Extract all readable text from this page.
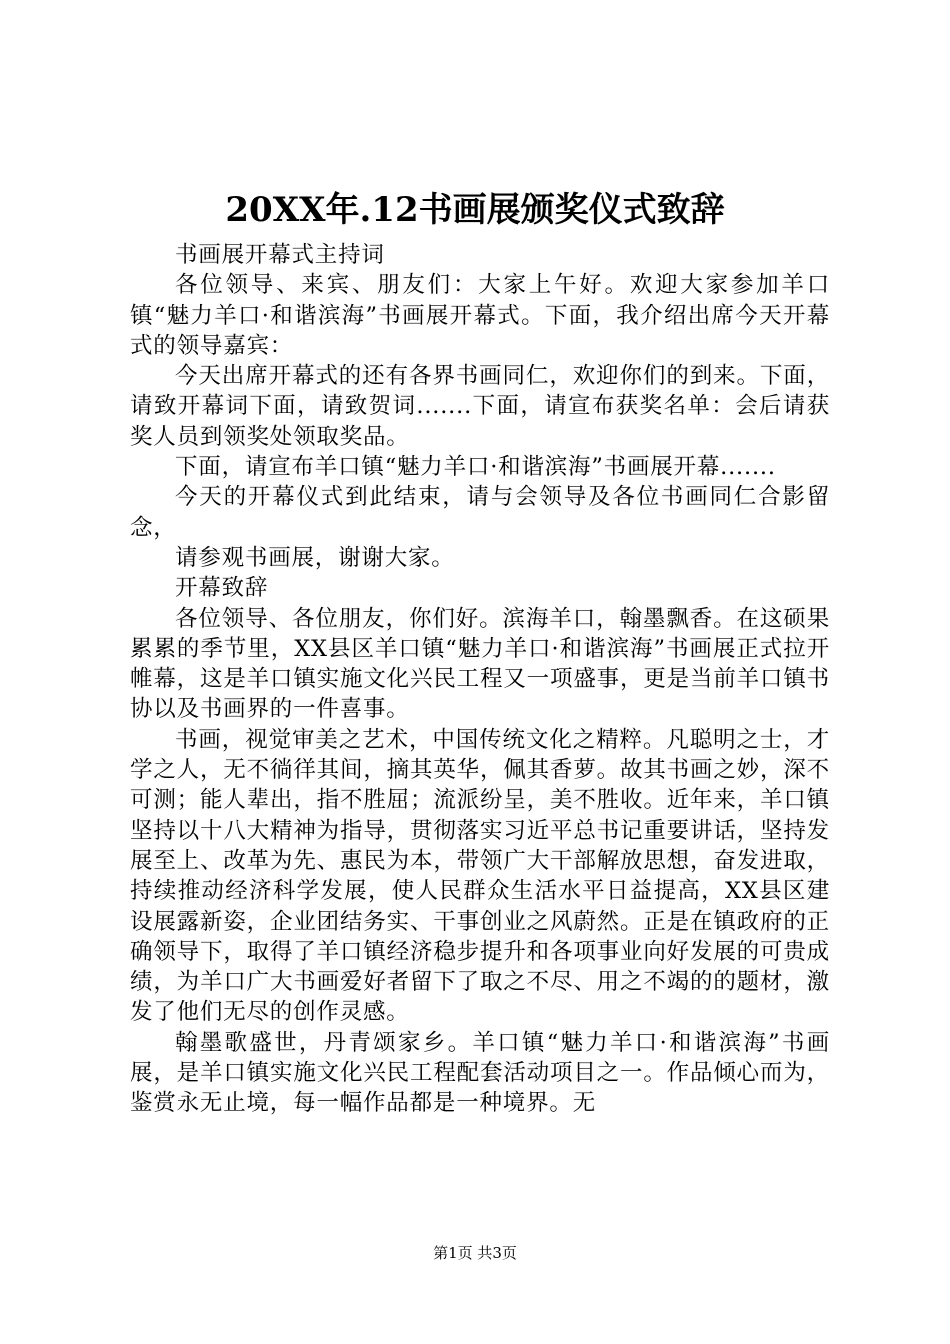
20XX年.12书画展颁奖仪式致辞

书画展开幕式主持词

各位领导、来宾、朋友们：大家上午好。欢迎大家参加羊口镇“魅力羊口·和谐滨海”书画展开幕式。下面，我介绍出席今天开幕式的领导嘉宾：

今天出席开幕式的还有各界书画同仁，欢迎你们的到来。下面，请致开幕词下面，请致贺词.......下面，请宣布获奖名单：会后请获奖人员到领奖处领取奖品。

下面，请宣布羊口镇“魅力羊口·和谐滨海”书画展开幕.......

今天的开幕仪式到此结束，请与会领导及各位书画同仁合影留念，

请参观书画展，谢谢大家。

开幕致辞

各位领导、各位朋友，你们好。滨海羊口，翰墨飘香。在这硕果累累的季节里，XX县区羊口镇“魅力羊口·和谐滨海”书画展正式拉开帷幕，这是羊口镇实施文化兴民工程又一项盛事，更是当前羊口镇书协以及书画界的一件喜事。

书画，视觉审美之艺术，中国传统文化之精粹。凡聪明之士，才学之人，无不徜徉其间，摘其英华，佩其香萝。故其书画之妙，深不可测；能人辈出，指不胜屈；流派纷呈，美不胜收。近年来，羊口镇坚持以十八大精神为指导，贯彻落实习近平总书记重要讲话，坚持发展至上、改革为先、惠民为本，带领广大干部解放思想，奋发进取，持续推动经济科学发展，使人民群众生活水平日益提高，XX县区建设展露新姿，企业团结务实、干事创业之风蔚然。正是在镇政府的正确领导下，取得了羊口镇经济稳步提升和各项事业向好发展的可贵成绩，为羊口广大书画爱好者留下了取之不尽、用之不竭的的题材，激发了他们无尽的创作灵感。

翰墨歌盛世，丹青颂家乡。羊口镇“魅力羊口·和谐滨海”书画展，是羊口镇实施文化兴民工程配套活动项目之一。作品倾心而为，鉴赏永无止境，每一幅作品都是一种境界。无

第1页 共3页
